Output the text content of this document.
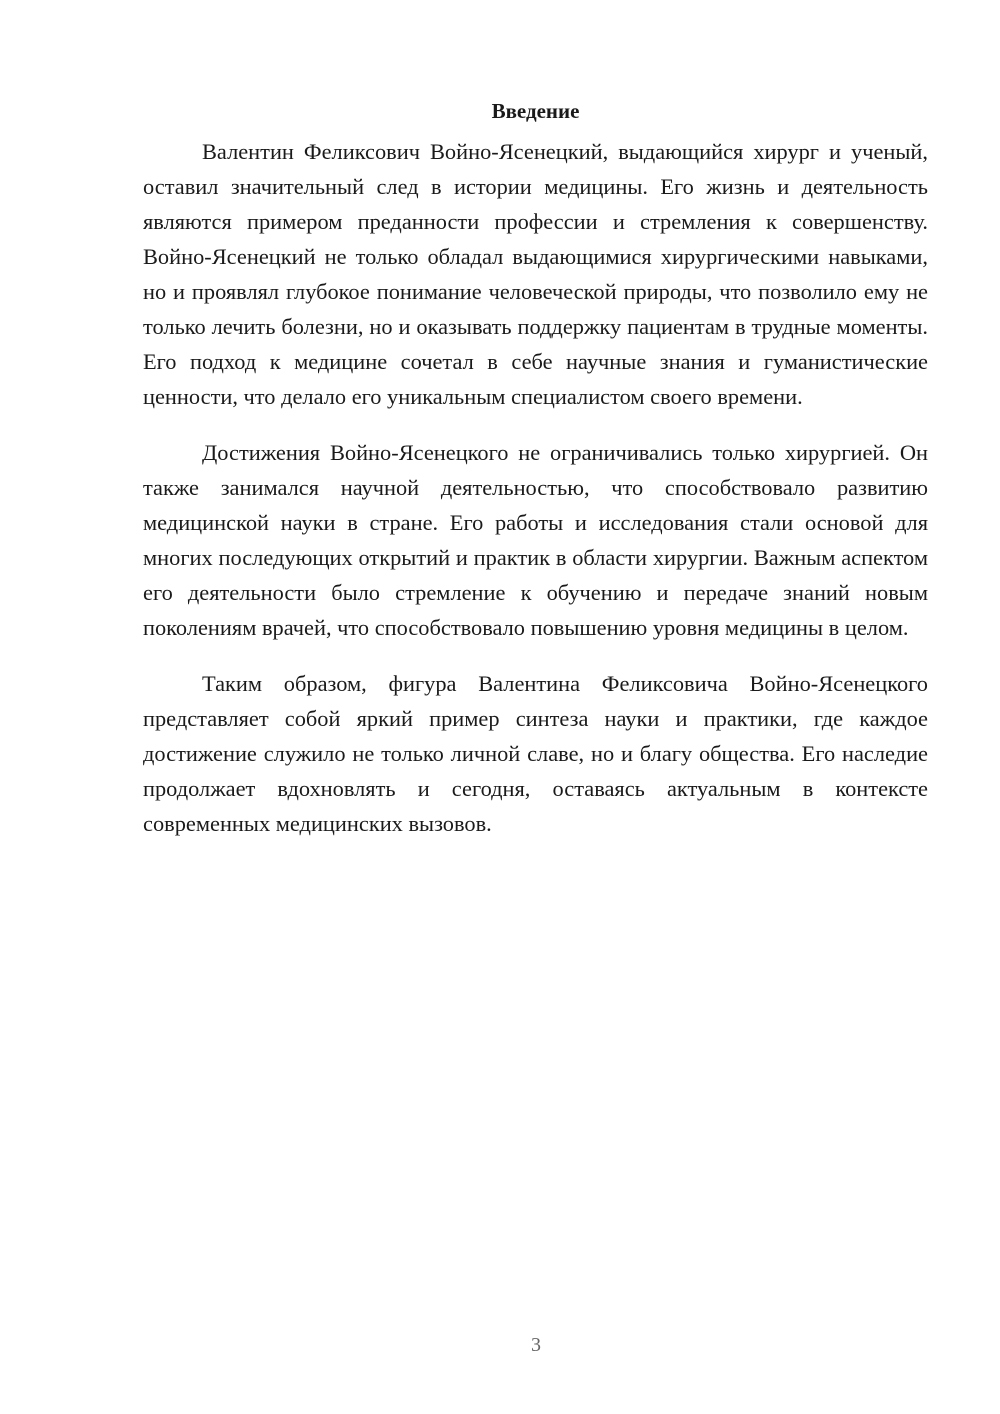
Введение

Валентин Феликсович Войно-Ясенецкий, выдающийся хирург и ученый, оставил значительный след в истории медицины. Его жизнь и деятельность являются примером преданности профессии и стремления к совершенству. Войно-Ясенецкий не только обладал выдающимися хирургическими навыками, но и проявлял глубокое понимание человеческой природы, что позволило ему не только лечить болезни, но и оказывать поддержку пациентам в трудные моменты. Его подход к медицине сочетал в себе научные знания и гуманистические ценности, что делало его уникальным специалистом своего времени.

Достижения Войно-Ясенецкого не ограничивались только хирургией. Он также занимался научной деятельностью, что способствовало развитию медицинской науки в стране. Его работы и исследования стали основой для многих последующих открытий и практик в области хирургии. Важным аспектом его деятельности было стремление к обучению и передаче знаний новым поколениям врачей, что способствовало повышению уровня медицины в целом.

Таким образом, фигура Валентина Феликсовича Войно-Ясенецкого представляет собой яркий пример синтеза науки и практики, где каждое достижение служило не только личной славе, но и благу общества. Его наследие продолжает вдохновлять и сегодня, оставаясь актуальным в контексте современных медицинских вызовов.

3
